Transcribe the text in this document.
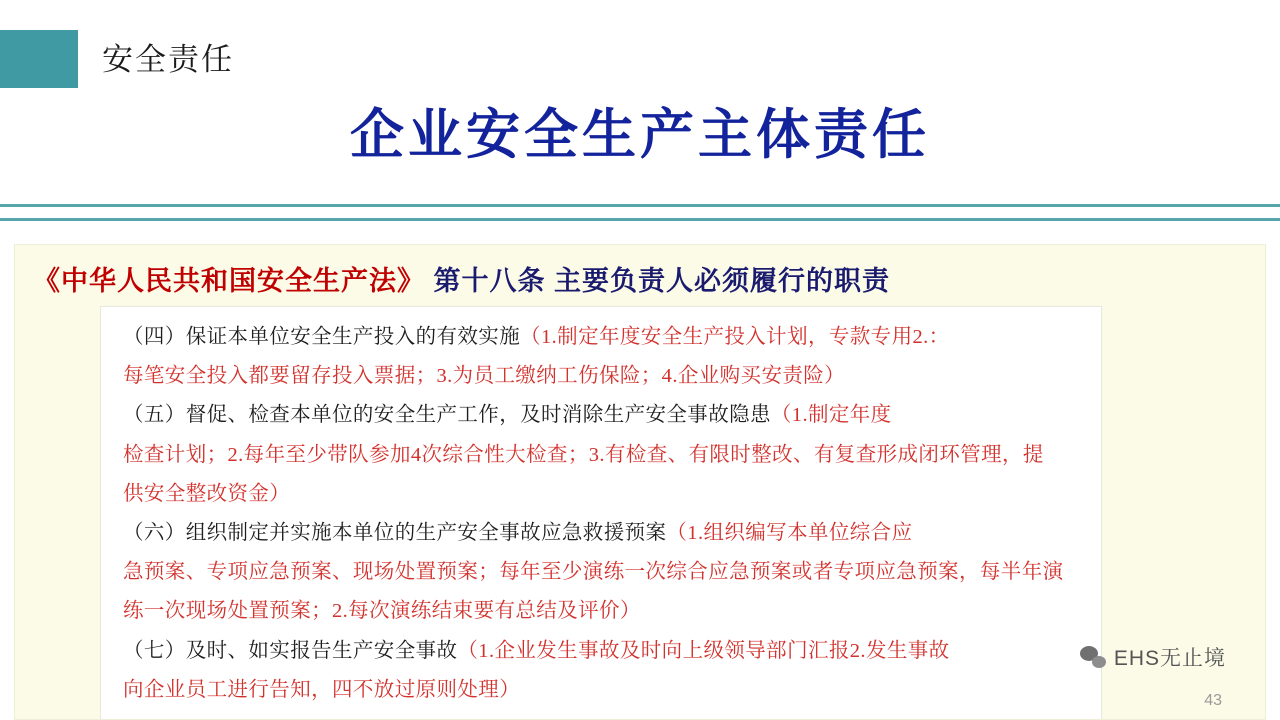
安全责任
企业安全生产主体责任
《中华人民共和国安全生产法》 第十八条 主要负责人必须履行的职责

（四）保证本单位安全生产投入的有效实施（1.制定年度安全生产投入计划，专款专用2.：

每笔安全投入都要留存投入票据；3.为员工缴纳工伤保险；4.企业购买安责险）

（五）督促、检查本单位的安全生产工作，及时消除生产安全事故隐患（1.制定年度

检查计划；2.每年至少带队参加4次综合性大检查；3.有检查、有限时整改、有复查形成闭环管理，提

供安全整改资金）

（六）组织制定并实施本单位的生产安全事故应急救援预案（1.组织编写本单位综合应

急预案、专项应急预案、现场处置预案；每年至少演练一次综合应急预案或者专项应急预案，每半年演

练一次现场处置预案；2.每次演练结束要有总结及评价）

（七）及时、如实报告生产安全事故（1.企业发生事故及时向上级领导部门汇报2.发生事故

向企业员工进行告知，四不放过原则处理）

EHS无止境
43
